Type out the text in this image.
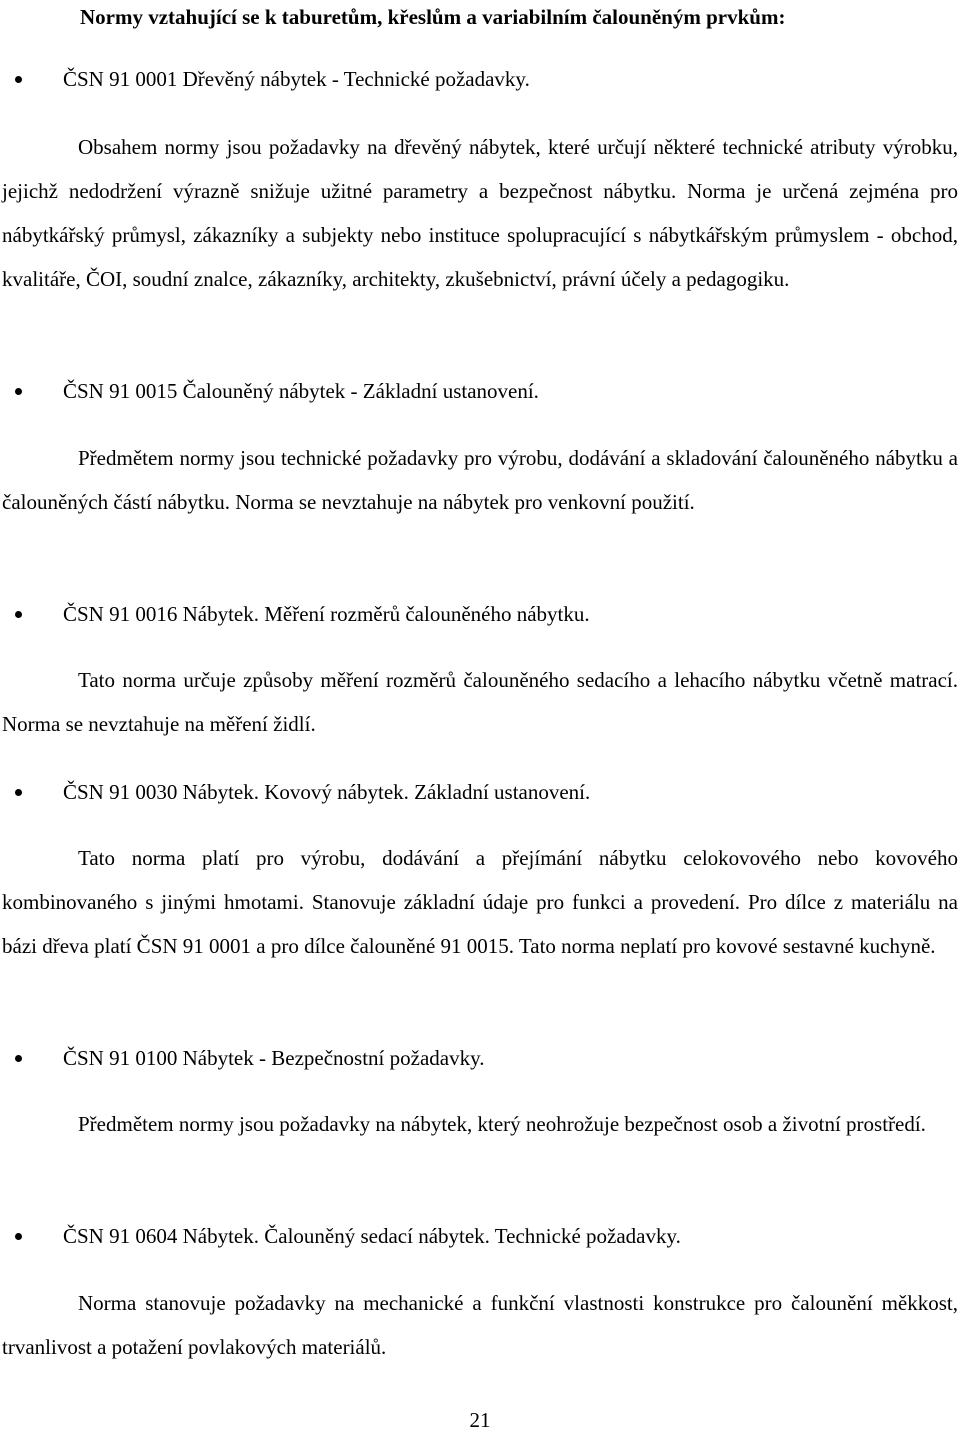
Normy vztahující se k taburetům, křeslům a variabilním čalouněným prvkům:
ČSN 91 0001 Dřevěný nábytek - Technické požadavky.
Obsahem normy jsou požadavky na dřevěný nábytek, které určují některé technické atributy výrobku, jejichž nedodržení výrazně snižuje užitné parametry a bezpečnost nábytku. Norma je určená zejména pro nábytkářský průmysl, zákazníky a subjekty nebo instituce spolupracující s nábytkářským průmyslem - obchod, kvalitáře, ČOI, soudní znalce, zákazníky, architekty, zkušebnictví, právní účely a pedagogiku.
ČSN 91 0015 Čalouněný nábytek - Základní ustanovení.
Předmětem normy jsou technické požadavky pro výrobu, dodávání a skladování čalouněného nábytku a čalouněných částí nábytku. Norma se nevztahuje na nábytek pro venkovní použití.
ČSN 91 0016 Nábytek. Měření rozměrů čalouněného nábytku.
Tato norma určuje způsoby měření rozměrů čalouněného sedacího a lehacího nábytku včetně matrací. Norma se nevztahuje na měření židlí.
ČSN 91 0030 Nábytek. Kovový nábytek. Základní ustanovení.
Tato norma platí pro výrobu, dodávání a přejímání nábytku celokovového nebo kovového kombinovaného s jinými hmotami. Stanovuje základní údaje pro funkci a provedení. Pro dílce z materiálu na bázi dřeva platí ČSN 91 0001 a pro dílce čalouněné 91 0015. Tato norma neplatí pro kovové sestavné kuchyně.
ČSN 91 0100 Nábytek - Bezpečnostní požadavky.
Předmětem normy jsou požadavky na nábytek, který neohrožuje bezpečnost osob a životní prostředí.
ČSN 91 0604 Nábytek. Čalouněný sedací nábytek. Technické požadavky.
Norma stanovuje požadavky na mechanické a funkční vlastnosti konstrukce pro čalounění měkkost, trvanlivost a potažení povlakových materiálů.
21
